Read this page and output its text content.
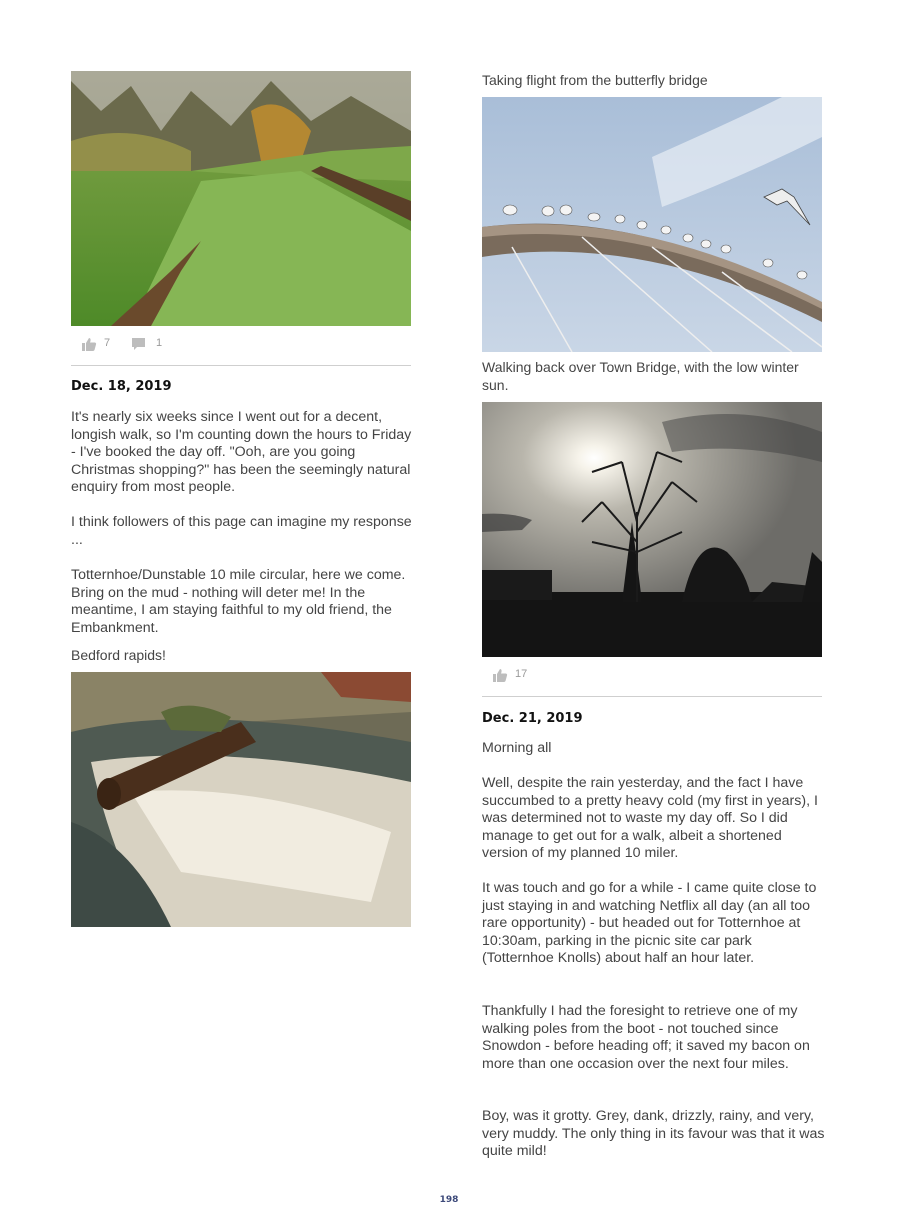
7	1
Dec. 18, 2019
It's nearly six weeks since I went out for a decent, longish walk, so I'm counting down the hours to Friday - I've booked the day off. "Ooh, are you going Christmas shopping?" has been the seemingly natural enquiry from most people.
I think followers of this page can imagine my response ...
Totternhoe/Dunstable 10 mile circular, here we come. Bring on the mud - nothing will deter me! In the meantime, I am staying faithful to my old friend, the Embankment.
Bedford rapids!
Taking flight from the butterfly bridge
Walking back over Town Bridge, with the low winter sun.
17
Dec. 21, 2019
Morning all
Well, despite the rain yesterday, and the fact I have succumbed to a pretty heavy cold (my first in years), I was determined not to waste my day off. So I did manage to get out for a walk, albeit a shortened version of my planned 10 miler.
It was touch and go for a while - I came quite close to just staying in and watching Netflix all day (an all too rare opportunity) - but headed out for Totternhoe at 10:30am, parking in the picnic site car park (Totternhoe Knolls) about half an hour later.
Thankfully I had the foresight to retrieve one of my walking poles from the boot - not touched since Snowdon - before heading off; it saved my bacon on more than one occasion over the next four miles.
Boy, was it grotty. Grey, dank, drizzly, rainy, and very, very muddy. The only thing in its favour was that it was quite mild!
198
